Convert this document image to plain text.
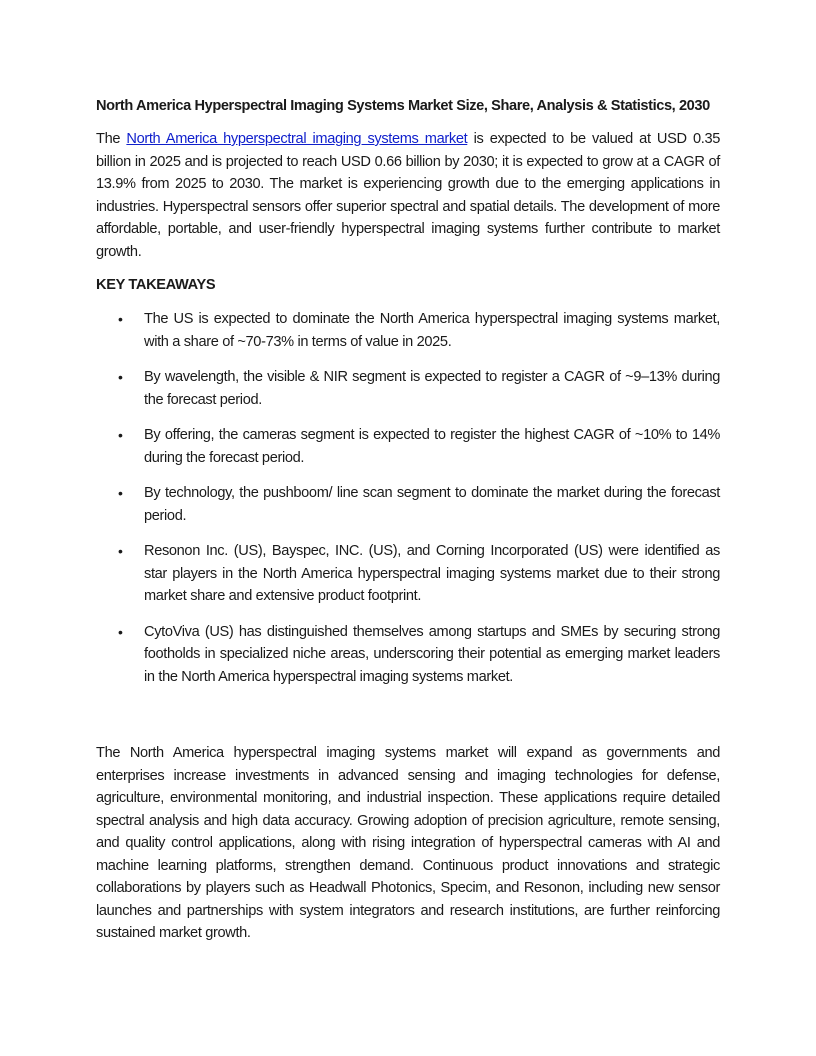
North America Hyperspectral Imaging Systems Market Size, Share, Analysis & Statistics, 2030

The North America hyperspectral imaging systems market is expected to be valued at USD 0.35 billion in 2025 and is projected to reach USD 0.66 billion by 2030; it is expected to grow at a CAGR of 13.9% from 2025 to 2030. The market is experiencing growth due to the emerging applications in industries. Hyperspectral sensors offer superior spectral and spatial details. The development of more affordable, portable, and user-friendly hyperspectral imaging systems further contribute to market growth.

KEY TAKEAWAYS
• The US is expected to dominate the North America hyperspectral imaging systems market, with a share of ~70-73% in terms of value in 2025.
• By wavelength, the visible & NIR segment is expected to register a CAGR of ~9–13% during the forecast period.
• By offering, the cameras segment is expected to register the highest CAGR of ~10% to 14% during the forecast period.
• By technology, the pushboom/ line scan segment to dominate the market during the forecast period.
• Resonon Inc. (US), Bayspec, INC. (US), and Corning Incorporated (US) were identified as star players in the North America hyperspectral imaging systems market due to their strong market share and extensive product footprint.
• CytoViva (US) has distinguished themselves among startups and SMEs by securing strong footholds in specialized niche areas, underscoring their potential as emerging market leaders in the North America hyperspectral imaging systems market.

The North America hyperspectral imaging systems market will expand as governments and enterprises increase investments in advanced sensing and imaging technologies for defense, agriculture, environmental monitoring, and industrial inspection. These applications require detailed spectral analysis and high data accuracy. Growing adoption of precision agriculture, remote sensing, and quality control applications, along with rising integration of hyperspectral cameras with AI and machine learning platforms, strengthen demand. Continuous product innovations and strategic collaborations by players such as Headwall Photonics, Specim, and Resonon, including new sensor launches and partnerships with system integrators and research institutions, are further reinforcing sustained market growth.
